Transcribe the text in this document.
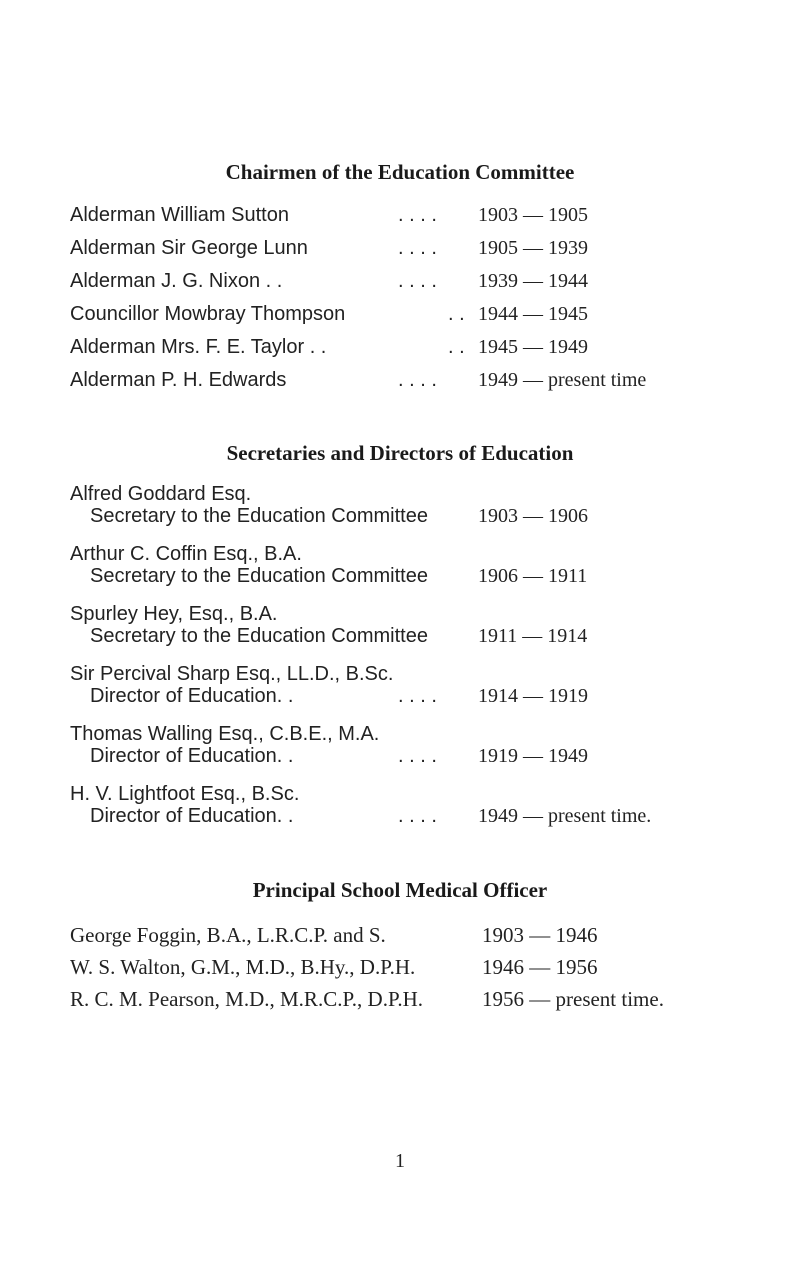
Chairmen of the Education Committee
Alderman William Sutton	. . . . 1903 — 1905
Alderman Sir George Lunn	. . . . 1905 — 1939
Alderman J. G. Nixon . .	. . . . 1939 — 1944
Councillor Mowbray Thompson	. . 1944 — 1945
Alderman Mrs. F. E. Taylor . .	. . 1945 — 1949
Alderman P. H. Edwards	. . . . 1949 — present time
Secretaries and Directors of Education
Alfred Goddard Esq.
Secretary to the Education Committee	1903 — 1906
Arthur C. Coffin Esq., B.A.
Secretary to the Education Committee	1906 — 1911
Spurley Hey, Esq., B.A.
Secretary to the Education Committee	1911 — 1914
Sir Percival Sharp Esq., LL.D., B.Sc.
Director of Education. .	. . . . 1914 — 1919
Thomas Walling Esq., C.B.E., M.A.
Director of Education. .	. . . . 1919 — 1949
H. V. Lightfoot Esq., B.Sc.
Director of Education. .	. . . . 1949 — present time.
Principal School Medical Officer
George Foggin, B.A., L.R.C.P. and S.	1903 — 1946
W. S. Walton, G.M., M.D., B.Hy., D.P.H.	1946 — 1956
R. C. M. Pearson, M.D., M.R.C.P., D.P.H.	1956 — present time.
1
